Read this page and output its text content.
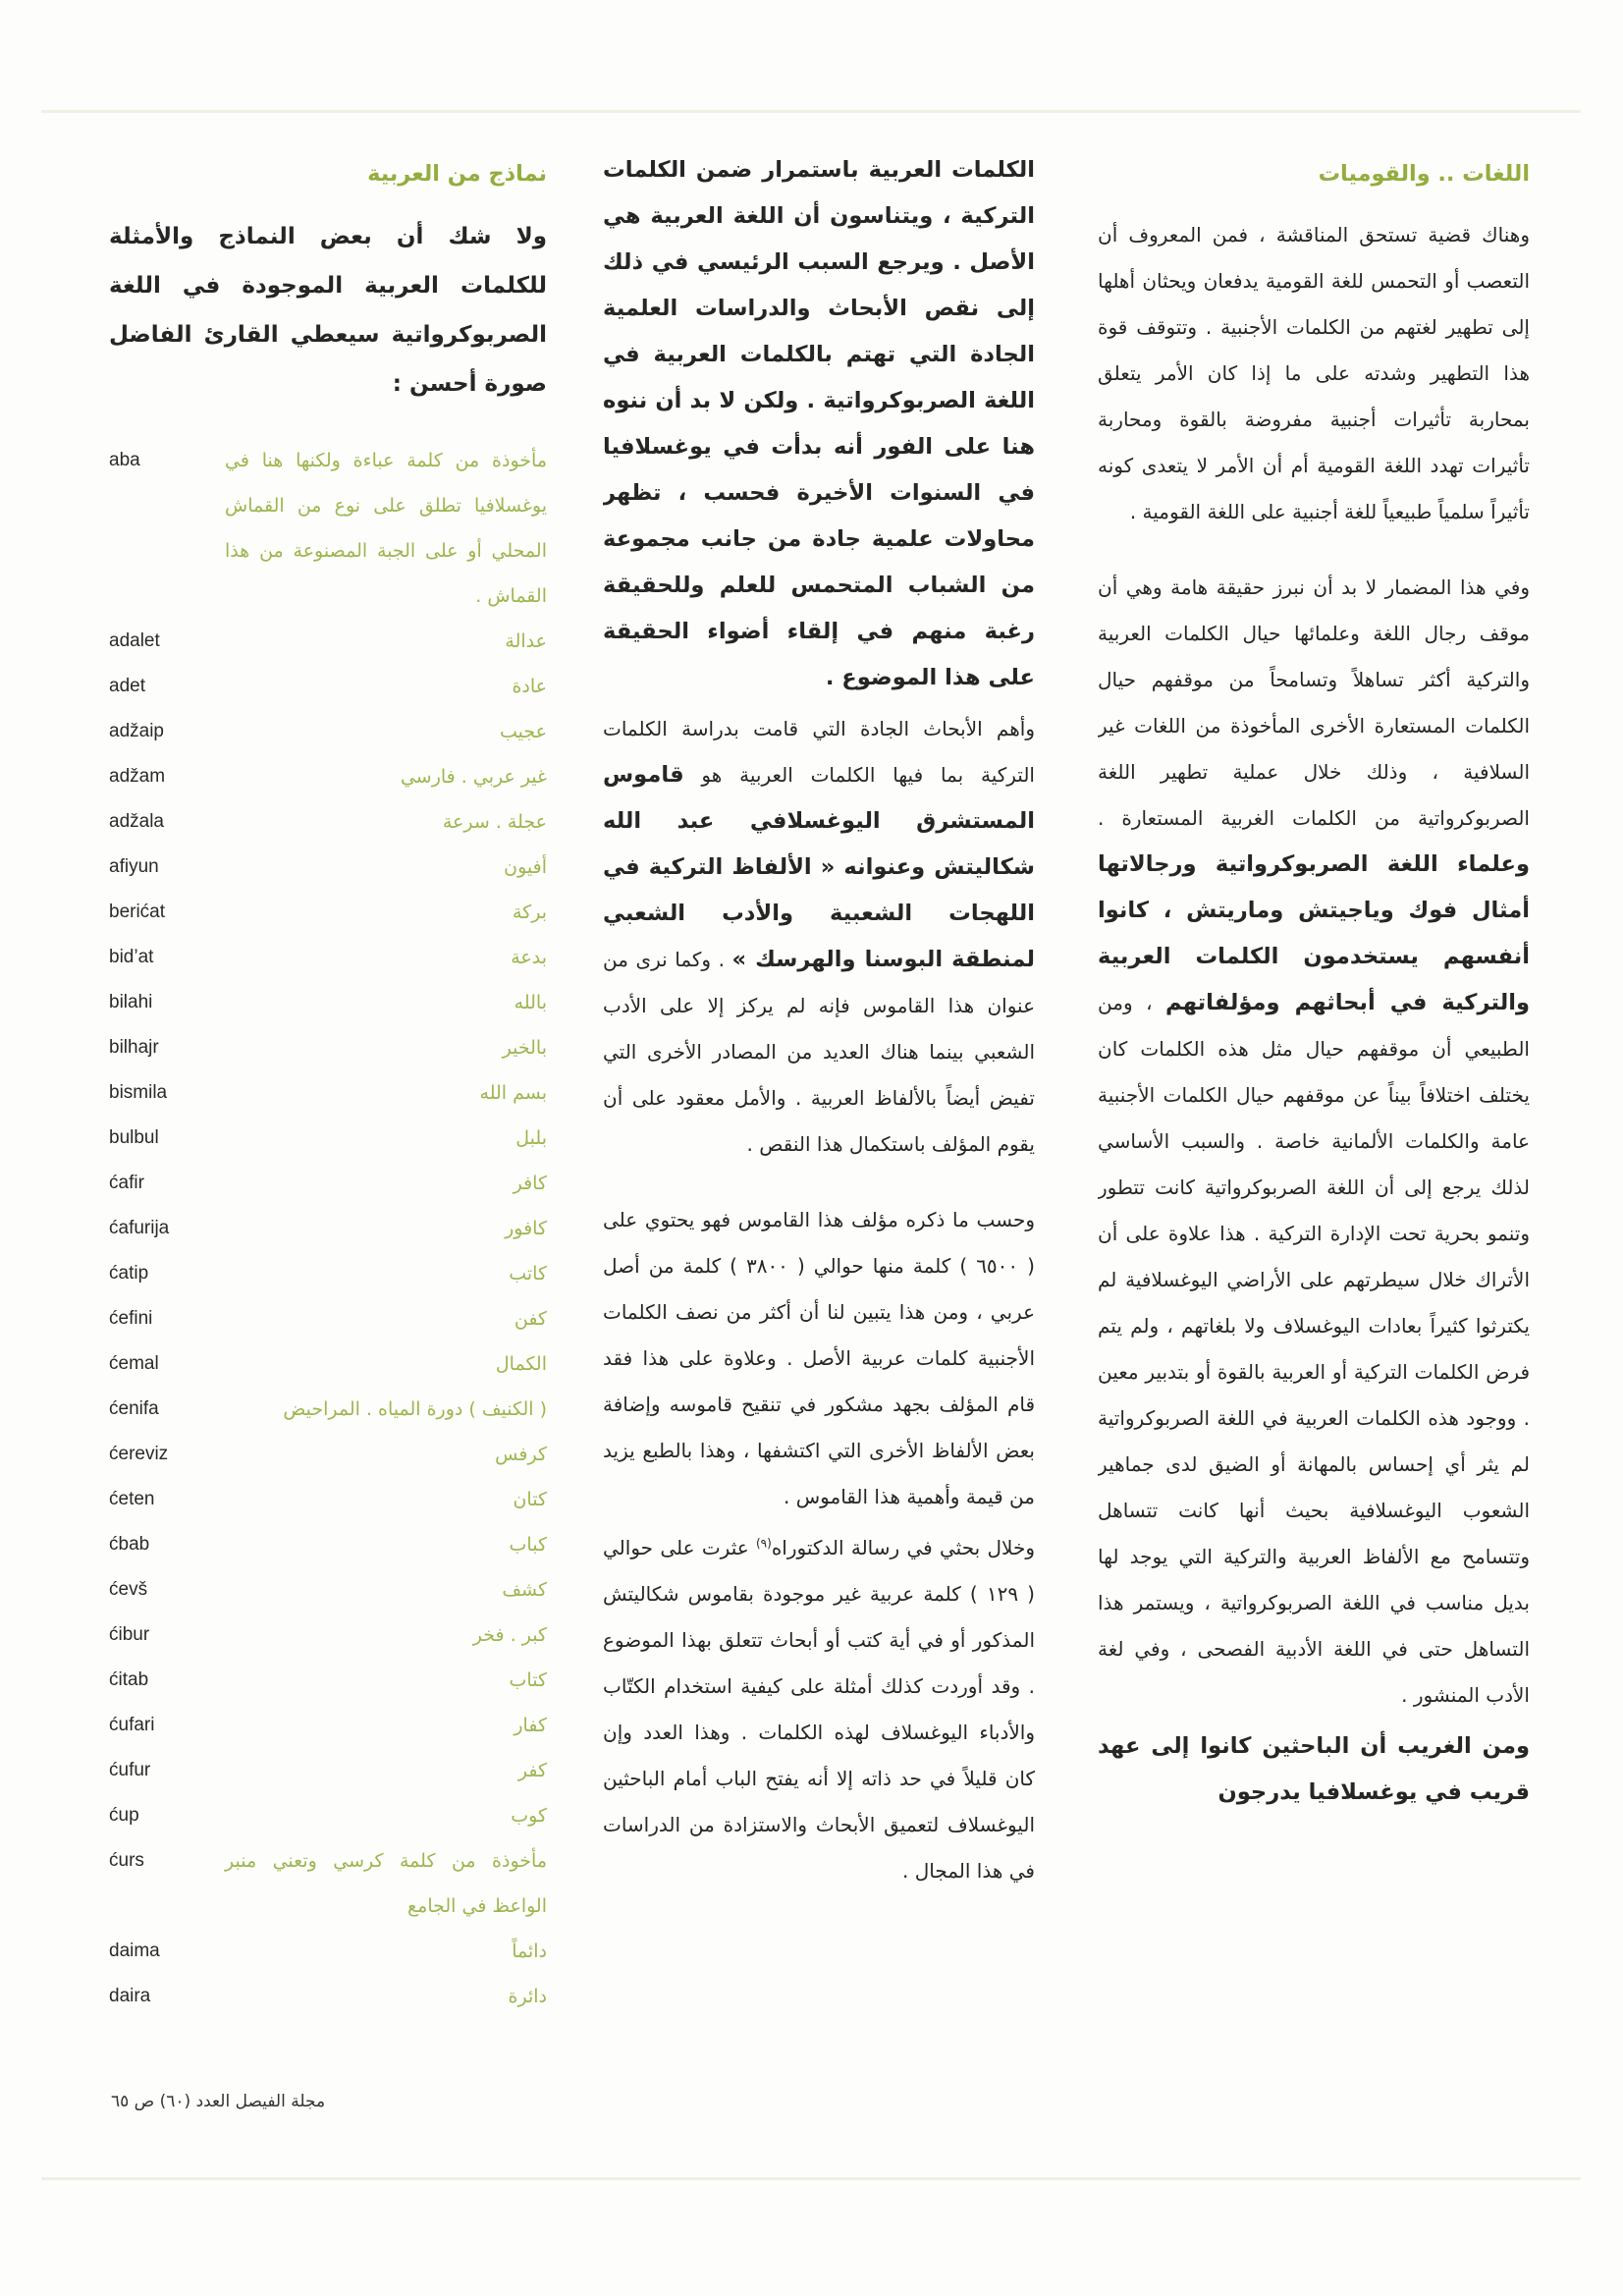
اللغات .. والقوميات

وهناك قضية تستحق المناقشة ، فمن المعروف أن التعصب أو التحمس للغة القومية يدفعان ويحثان أهلها إلى تطهير لغتهم من الكلمات الأجنبية . وتتوقف قوة هذا التطهير وشدته على ما إذا كان الأمر يتعلق بمحاربة تأثيرات أجنبية مفروضة بالقوة ومحاربة تأثيرات تهدد اللغة القومية أم أن الأمر لا يتعدى كونه تأثيراً سلمياً طبيعياً للغة أجنبية على اللغة القومية .

وفي هذا المضمار لا بد أن نبرز حقيقة هامة وهي أن موقف رجال اللغة وعلمائها حيال الكلمات العربية والتركية أكثر تساهلاً وتسامحاً من موقفهم حيال الكلمات المستعارة الأخرى المأخوذة من اللغات غير السلافية ، وذلك خلال عملية تطهير اللغة الصربوكرواتية من الكلمات الغربية المستعارة . وعلماء اللغة الصربوكرواتية ورجالاتها أمثال فوك وياجيتش وماريتش ، كانوا أنفسهم يستخدمون الكلمات العربية والتركية في أبحاثهم ومؤلفاتهم ، ومن الطبيعي أن موقفهم حيال مثل هذه الكلمات كان يختلف اختلافاً بيناً عن موقفهم حيال الكلمات الأجنبية عامة والكلمات الألمانية خاصة . والسبب الأساسي لذلك يرجع إلى أن اللغة الصربوكرواتية كانت تتطور وتنمو بحرية تحت الإدارة التركية . هذا علاوة على أن الأتراك خلال سيطرتهم على الأراضي اليوغسلافية لم يكترثوا كثيراً بعادات اليوغسلاف ولا بلغاتهم ، ولم يتم فرض الكلمات التركية أو العربية بالقوة أو بتدبير معين . ووجود هذه الكلمات العربية في اللغة الصربوكرواتية لم يثر أي إحساس بالمهانة أو الضيق لدى جماهير الشعوب اليوغسلافية بحيث أنها كانت تتساهل وتتسامح مع الألفاظ العربية والتركية التي يوجد لها بديل مناسب في اللغة الصربوكرواتية ، ويستمر هذا التساهل حتى في اللغة الأدبية الفصحى ، وفي لغة الأدب المنشور .

ومن الغريب أن الباحثين كانوا إلى عهد قريب في يوغسلافيا يدرجون

الكلمات العربية باستمرار ضمن الكلمات التركية ، ويتناسون أن اللغة العربية هي الأصل . ويرجع السبب الرئيسي في ذلك إلى نقص الأبحاث والدراسات العلمية الجادة التي تهتم بالكلمات العربية في اللغة الصربوكرواتية . ولكن لا بد أن ننوه هنا على الفور أنه بدأت في يوغسلافيا في السنوات الأخيرة فحسب ، تظهر محاولات علمية جادة من جانب مجموعة من الشباب المتحمس للعلم وللحقيقة رغبة منهم في إلقاء أضواء الحقيقة على هذا الموضوع .

وأهم الأبحاث الجادة التي قامت بدراسة الكلمات التركية بما فيها الكلمات العربية هو قاموس المستشرق اليوغسلافي عبد الله شكاليتش وعنوانه « الألفاظ التركية في اللهجات الشعبية والأدب الشعبي لمنطقة البوسنا والهرسك » . وكما نرى من عنوان هذا القاموس فإنه لم يركز إلا على الأدب الشعبي بينما هناك العديد من المصادر الأخرى التي تفيض أيضاً بالألفاظ العربية . والأمل معقود على أن يقوم المؤلف باستكمال هذا النقص .

وحسب ما ذكره مؤلف هذا القاموس فهو يحتوي على ( ٦٥٠٠ ) كلمة منها حوالي ( ٣٨٠٠ ) كلمة من أصل عربي ، ومن هذا يتبين لنا أن أكثر من نصف الكلمات الأجنبية كلمات عربية الأصل . وعلاوة على هذا فقد قام المؤلف بجهد مشكور في تنقيح قاموسه وإضافة بعض الألفاظ الأخرى التي اكتشفها ، وهذا بالطبع يزيد من قيمة وأهمية هذا القاموس .

وخلال بحثي في رسالة الدكتوراه$^{(٩)}$ عثرت على حوالي ( ١٢٩ ) كلمة عربية غير موجودة بقاموس شكاليتش المذكور أو في أية كتب أو أبحاث تتعلق بهذا الموضوع . وقد أوردت كذلك أمثلة على كيفية استخدام الكتّاب والأدباء اليوغسلاف لهذه الكلمات . وهذا العدد وإن كان قليلاً في حد ذاته إلا أنه يفتح الباب أمام الباحثين اليوغسلاف لتعميق الأبحاث والاستزادة من الدراسات في هذا المجال .

نماذج من العربية

ولا شك أن بعض النماذج والأمثلة للكلمات العربية الموجودة في اللغة الصربوكرواتية سيعطي القارئ الفاضل صورة أحسن :

aba	مأخوذة من كلمة عباءة ولكنها هنا في يوغسلافيا تطلق على نوع من القماش المحلي أو على الجبة المصنوعة من هذا القماش .
adalet	عدالة
adet	عادة
adžaip	عجيب
adžam	غير عربي . فارسي
adžala	عجلة . سرعة
afiyun	أفيون
berićat	بركة
bid’at	بدعة
bilahi	بالله
bilhajr	بالخير
bismila	بسم الله
bulbul	بلبل
ćafir	كافر
ćafurija	كافور
ćatip	كاتب
ćefini	كفن
ćemal	الكمال
ćenifa	( الكنيف ) دورة المياه . المراحيض
ćereviz	كرفس
ćeten	كتان
ćbab	كباب
ćevš	كشف
ćibur	كبر . فخر
ćitab	كتاب
ćufari	كفار
ćufur	كفر
ćup	كوب
ćurs	مأخوذة من كلمة كرسي وتعني منبر الواعظ في الجامع
daima	دائماً
daira	دائرة
مجلة الفيصل العدد (٦٠) ص ٦٥
